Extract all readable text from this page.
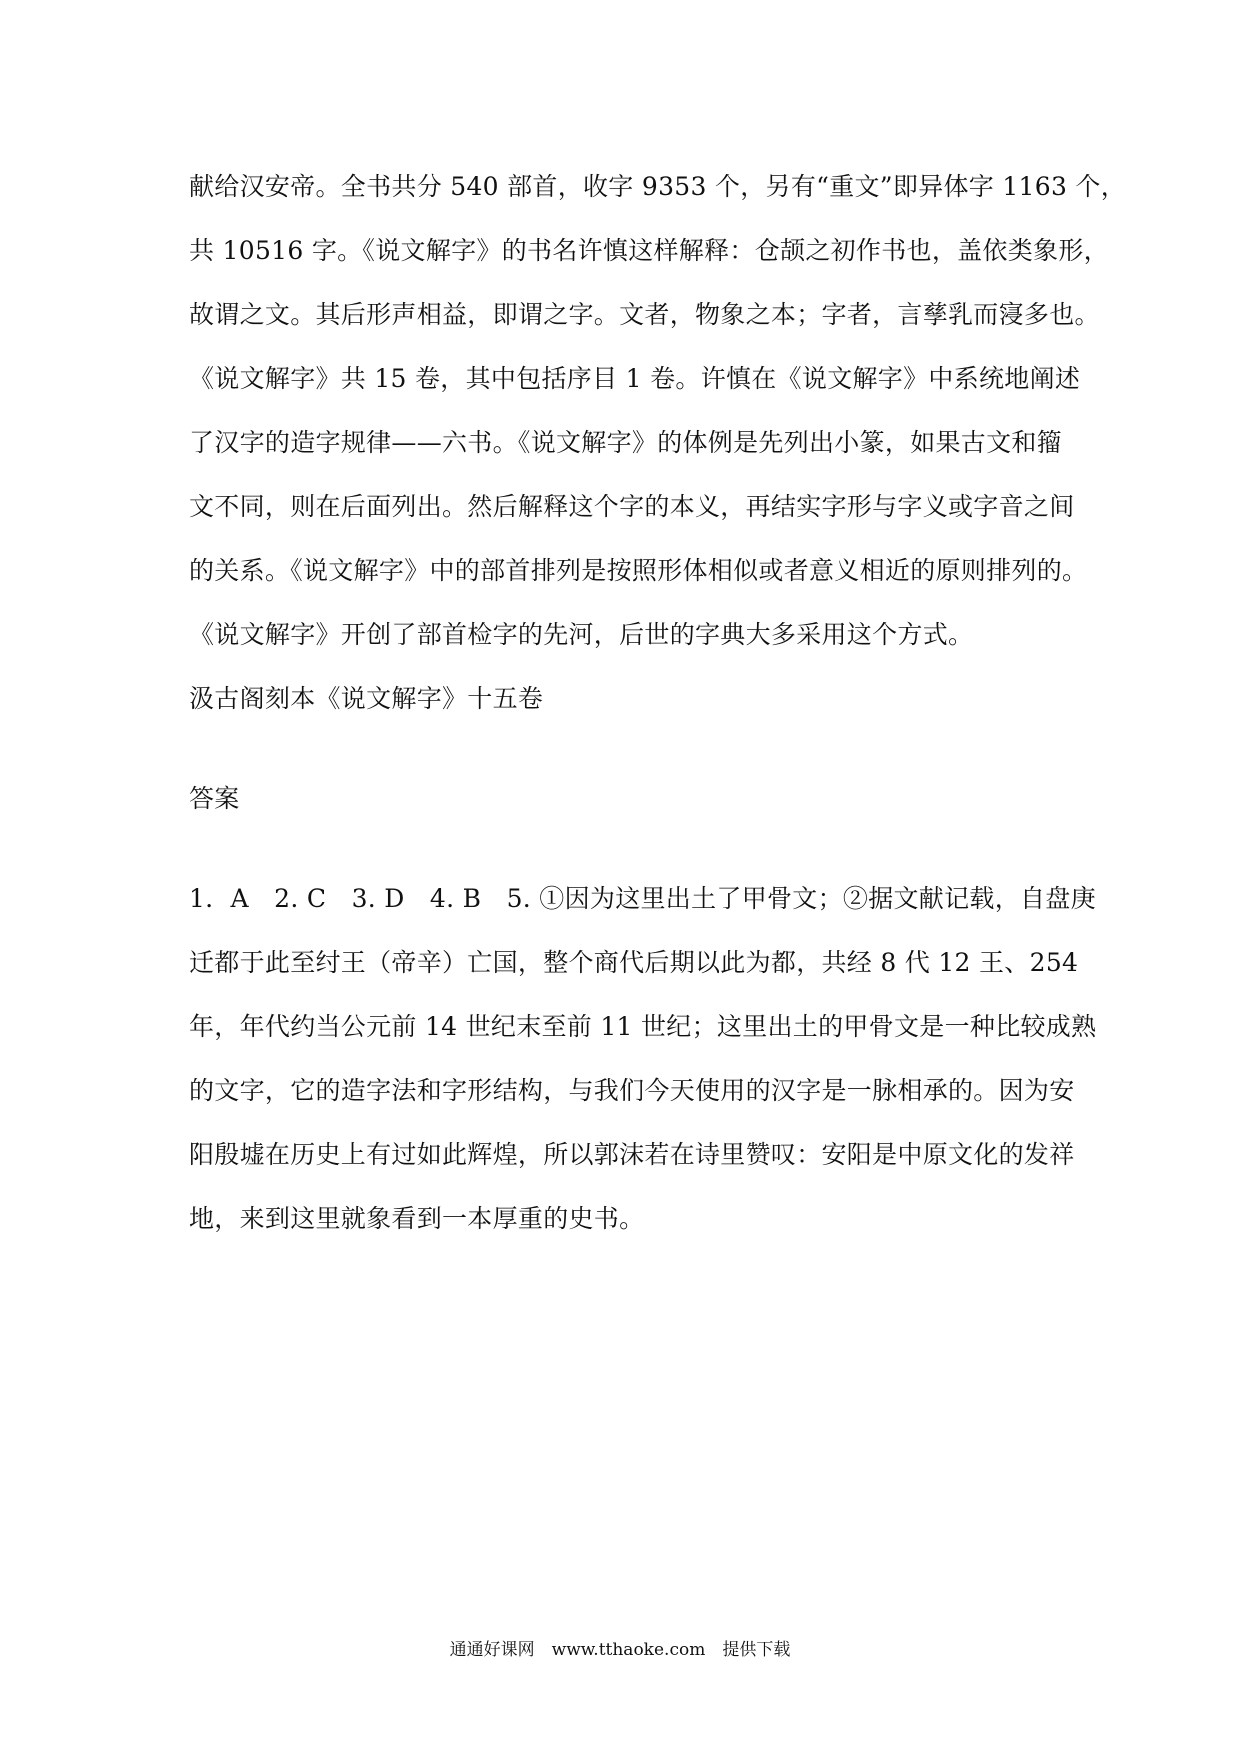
献给汉安帝。全书共分 540 部首，收字 9353 个，另有“重文”即异体字 1163 个，
共 10516 字。《说文解字》的书名许慎这样解释：仓颉之初作书也，盖依类象形，
故谓之文。其后形声相益，即谓之字。文者，物象之本；字者，言孳乳而寖多也。
《说文解字》共 15 卷，其中包括序目 1 卷。许慎在《说文解字》中系统地阐述
了汉字的造字规律——六书。《说文解字》的体例是先列出小篆，如果古文和籀
文不同，则在后面列出。然后解释这个字的本义，再结实字形与字义或字音之间
的关系。《说文解字》中的部首排列是按照形体相似或者意义相近的原则排列的。
《说文解字》开创了部首检字的先河，后世的字典大多采用这个方式。
汲古阁刻本《说文解字》十五卷
答案
1．A　2. C　3. D　4. B　5. ①因为这里出土了甲骨文；②据文献记载，自盘庚
迁都于此至纣王（帝辛）亡国，整个商代后期以此为都，共经 8 代 12 王、254
年，年代约当公元前 14 世纪末至前 11 世纪；这里出土的甲骨文是一种比较成熟
的文字，它的造字法和字形结构，与我们今天使用的汉字是一脉相承的。因为安
阳殷墟在历史上有过如此辉煌，所以郭沫若在诗里赞叹：安阳是中原文化的发祥
地，来到这里就象看到一本厚重的史书。
通通好课网　www.tthaoke.com　提供下载
